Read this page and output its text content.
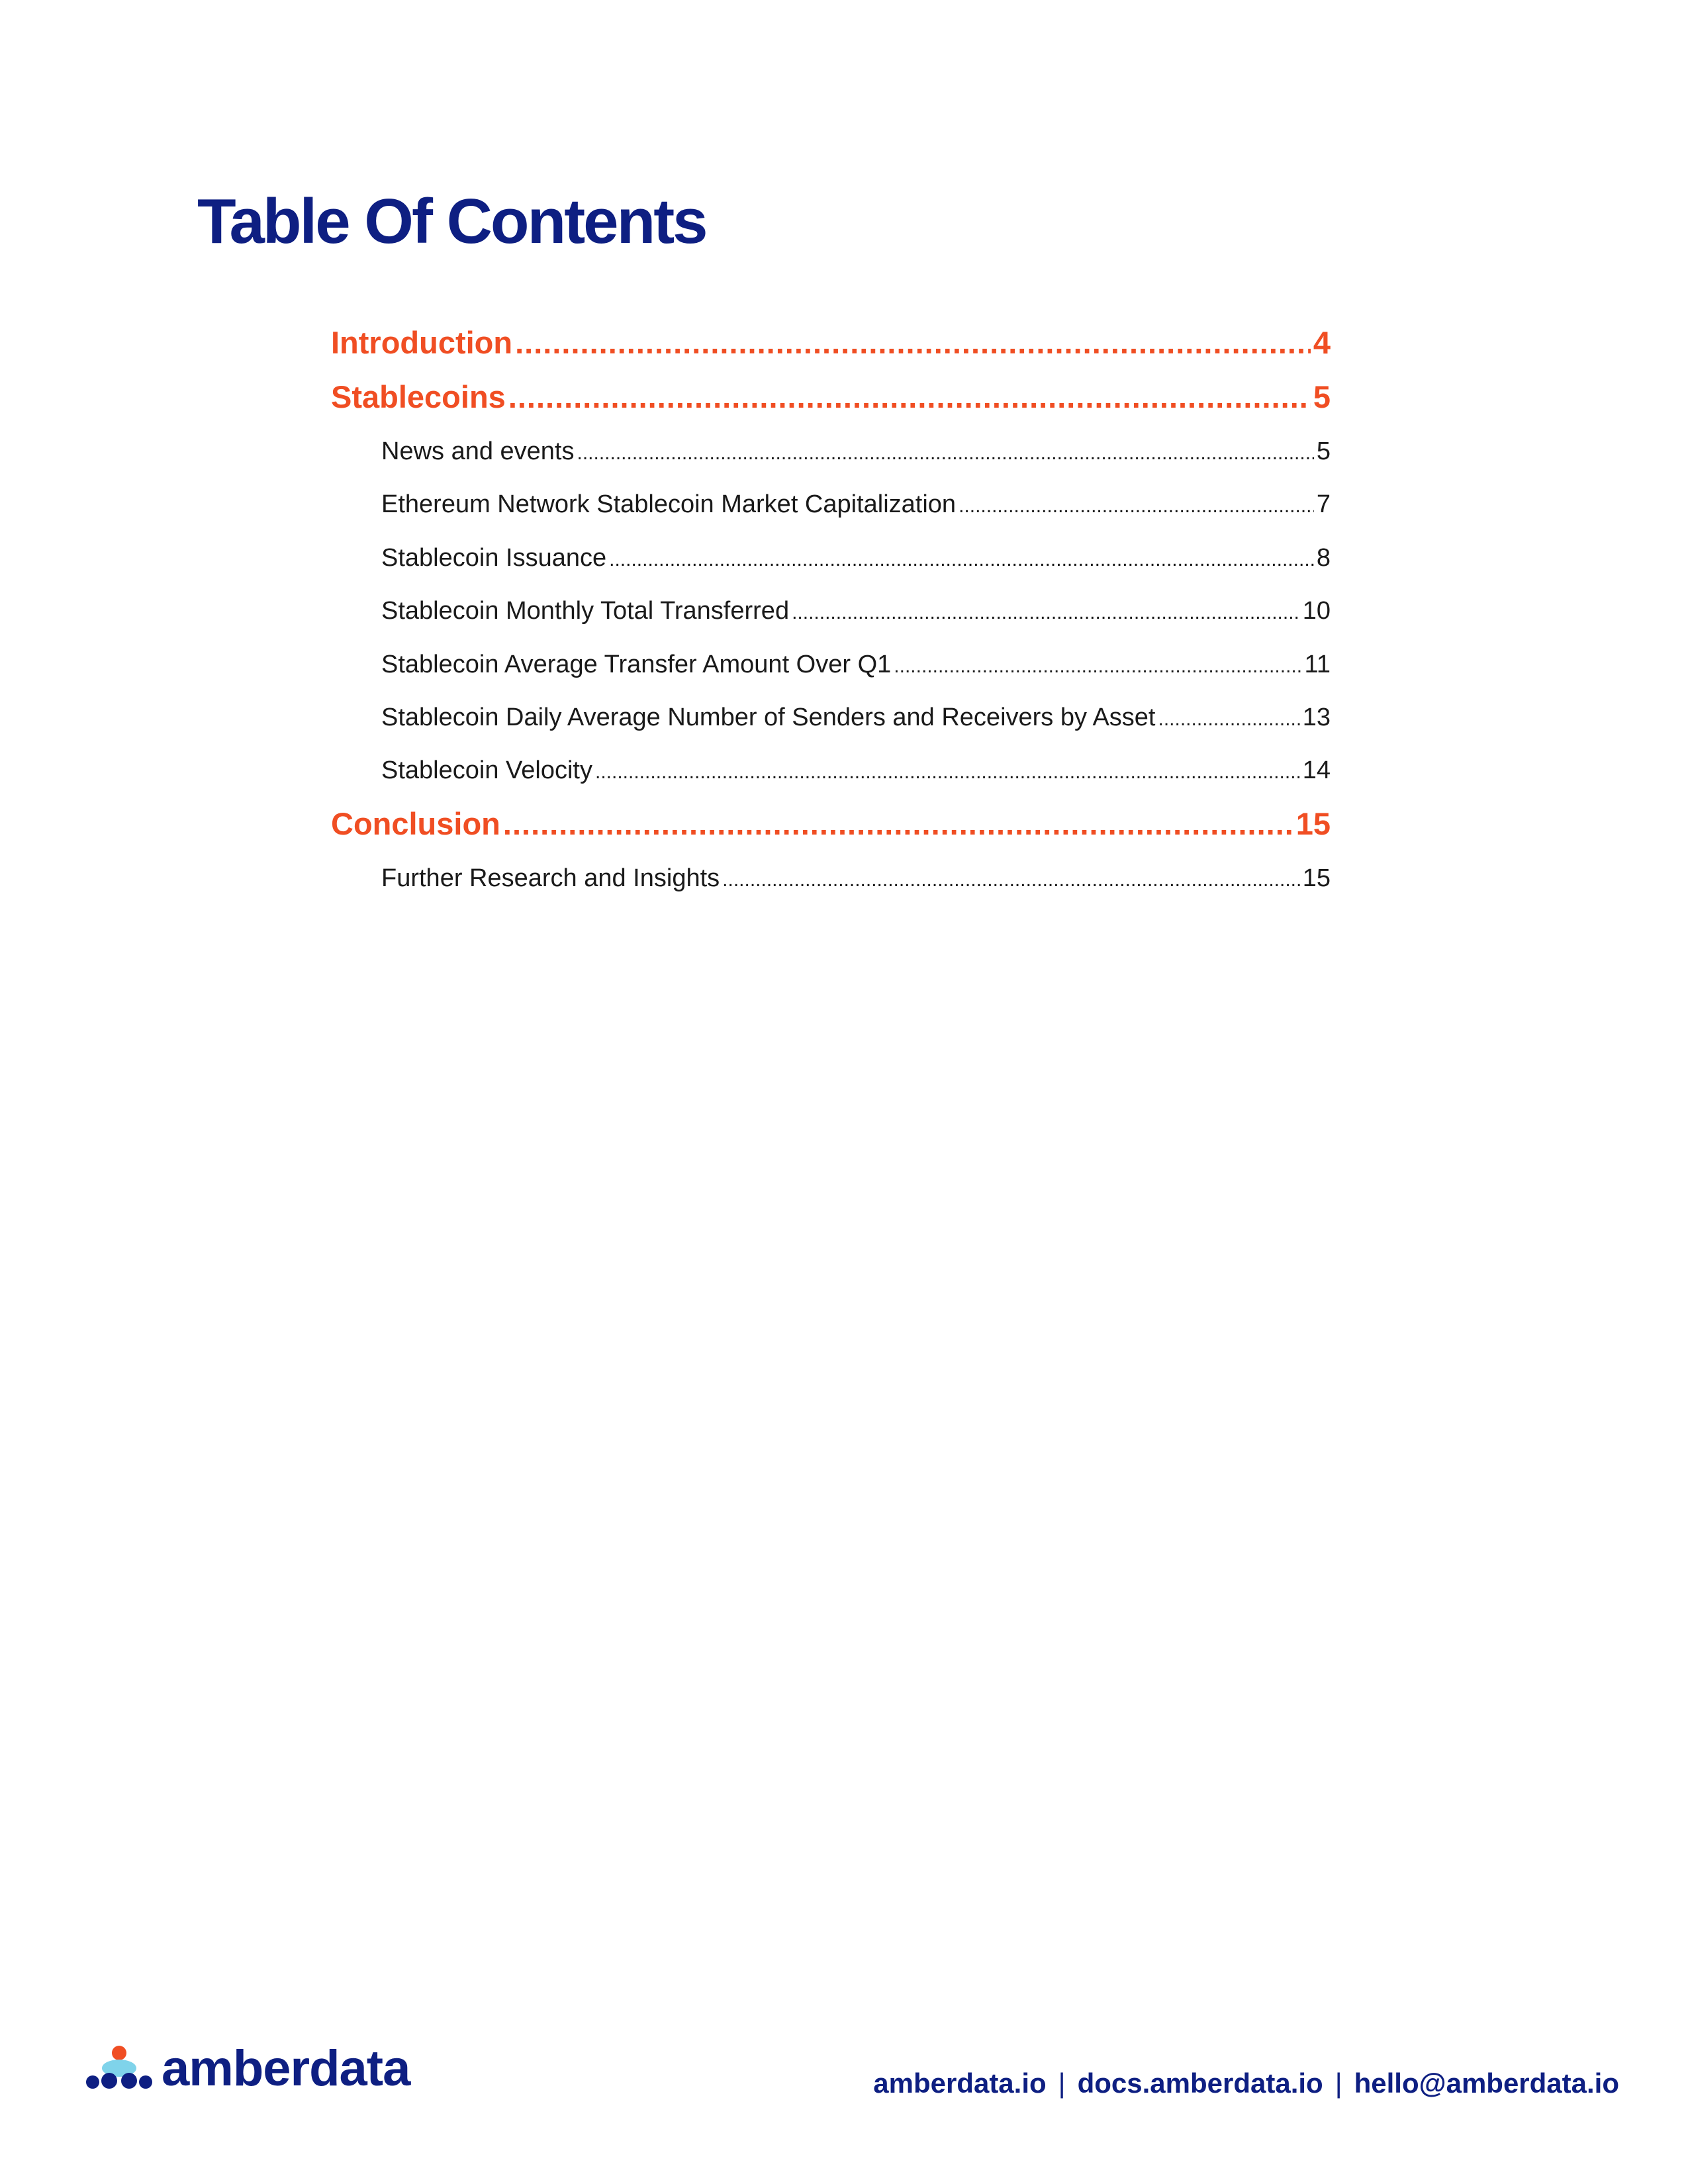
Table Of Contents
Introduction .....	4
Stablecoins .....	5
News and events .....	5
Ethereum Network Stablecoin Market Capitalization .....	7
Stablecoin Issuance .....	8
Stablecoin Monthly Total Transferred .....	10
Stablecoin Average Transfer Amount Over Q1 .....	11
Stablecoin Daily Average Number of Senders and Receivers by Asset .....	13
Stablecoin Velocity .....	14
Conclusion .....	15
Further Research and Insights .....	15
amberdata	amberdata.io | docs.amberdata.io | hello@amberdata.io
